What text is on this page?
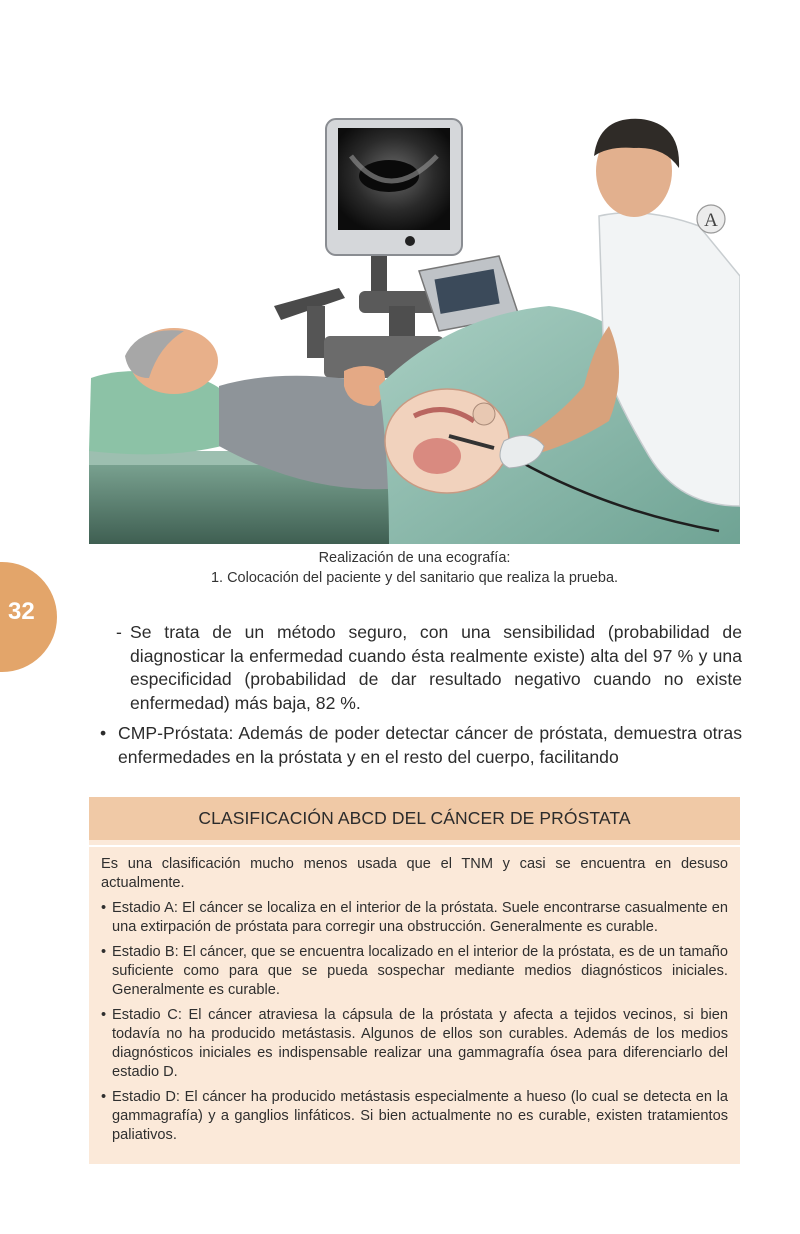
A
Realización de una ecografía:
1. Colocación del paciente y del sanitario que realiza la prueba.
32
- Se trata de un método seguro, con una sensibilidad (probabilidad de diagnosticar la enfermedad cuando ésta realmente existe) alta del 97 % y una especificidad (probabilidad de dar resultado negativo cuando no existe enfermedad) más baja, 82 %.
• CMP-Próstata: Además de poder detectar cáncer de próstata, demuestra otras enfermedades en la próstata y en el resto del cuerpo, facilitando
CLASIFICACIÓN ABCD DEL CÁNCER DE PRÓSTATA
Es una clasificación mucho menos usada que el TNM y casi se encuentra en desuso actualmente.
• Estadio A: El cáncer se localiza en el interior de la próstata. Suele encontrarse casualmente en una extirpación de próstata para corregir una obstrucción. Generalmente es curable.
• Estadio B: El cáncer, que se encuentra localizado en el interior de la próstata, es de un tamaño suficiente como para que se pueda sospechar mediante medios diagnósticos iniciales. Generalmente es curable.
• Estadio C: El cáncer atraviesa la cápsula de la próstata y afecta a tejidos vecinos, si bien todavía no ha producido metástasis. Algunos de ellos son curables. Además de los medios diagnósticos iniciales es indispensable realizar una gammagrafía ósea para diferenciarlo del estadio D.
• Estadio D: El cáncer ha producido metástasis especialmente a hueso (lo cual se detecta en la gammagrafía) y a ganglios linfáticos. Si bien actualmente no es curable, existen tratamientos paliativos.
